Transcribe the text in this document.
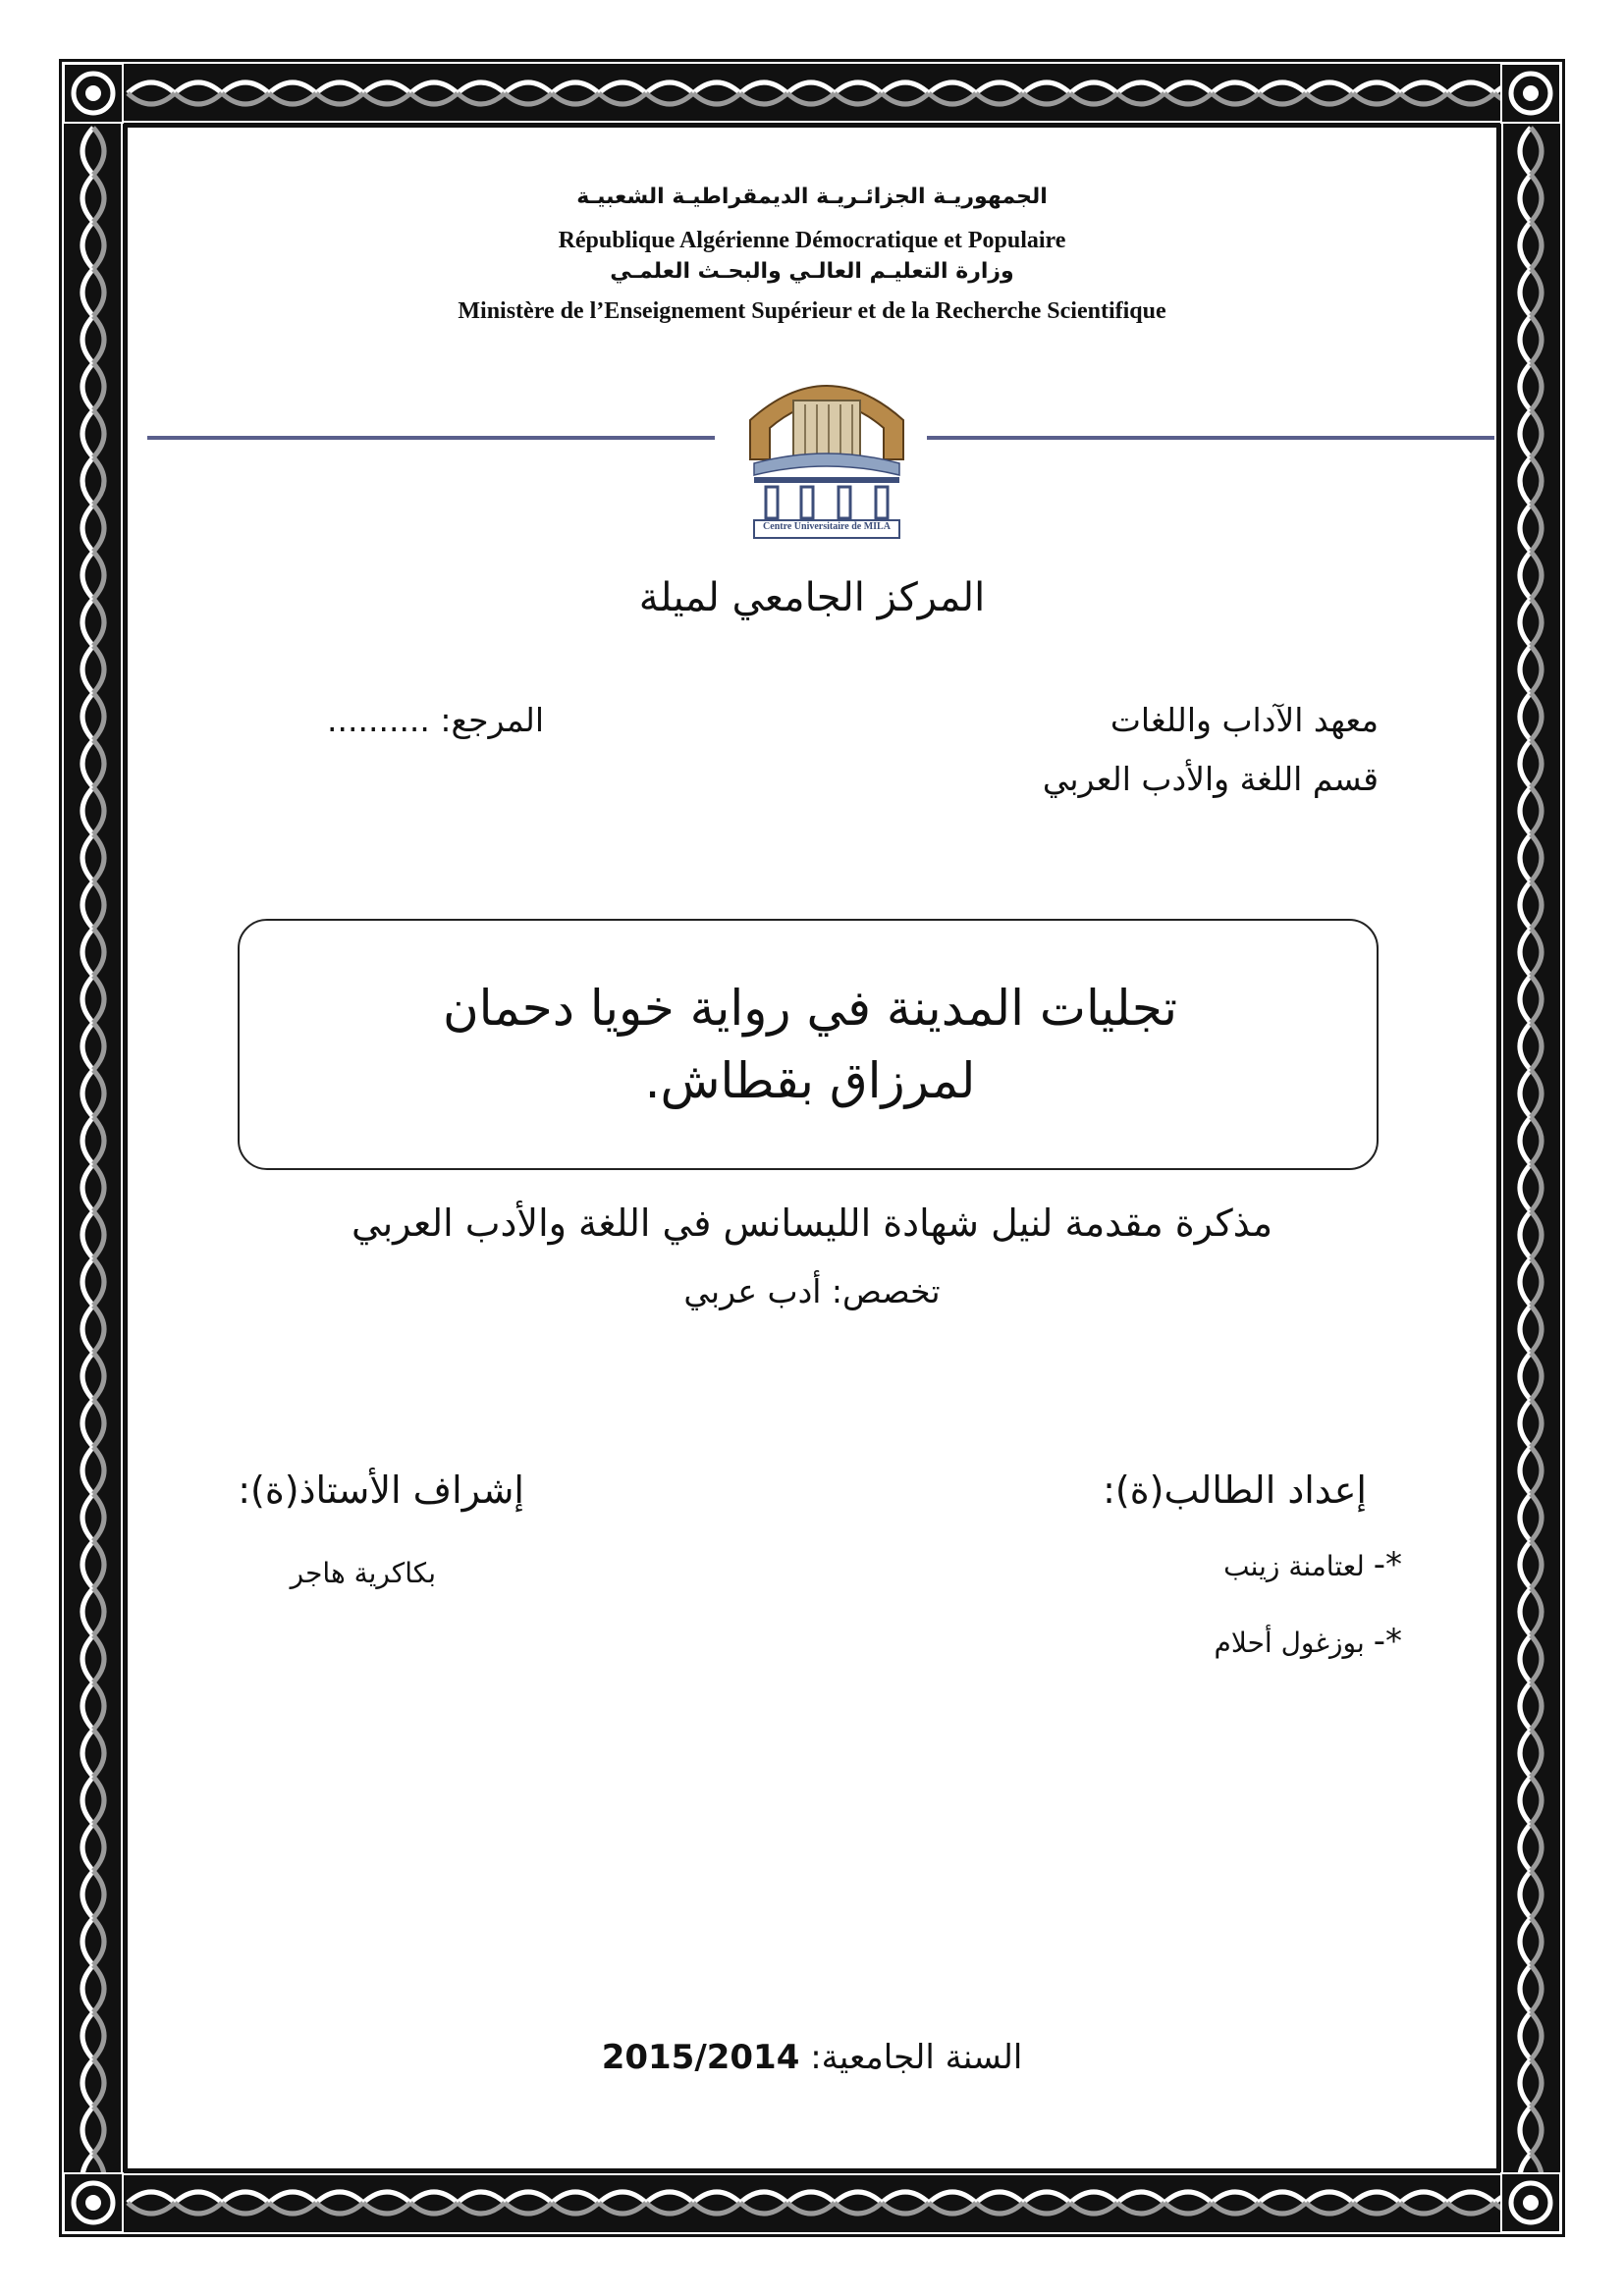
الجمهوريـة الجزائـريـة الديمقراطيـة الشعبيـة
République Algérienne Démocratique et Populaire
وزارة التعليـم العالـي والبحـث العلمـي
Ministère de l’Enseignement Supérieur et de la Recherche Scientifique
Centre Universitaire de MILA
المركز الجامعي لميلة
معهد الآداب واللغات
قسم اللغة والأدب العربي
المرجع: ..........
تجليات المدينة في رواية خويا دحمان
لمرزاق بقطاش.
مذكرة مقدمة لنيل شهادة الليسانس في اللغة والأدب العربي
تخصص: أدب عربي
إعداد الطالب(ة):
*- لعتامنة زينب
*- بوزغول أحلام
إشراف الأستاذ(ة):
بكاكرية هاجر
السنة الجامعية: 2015/2014
